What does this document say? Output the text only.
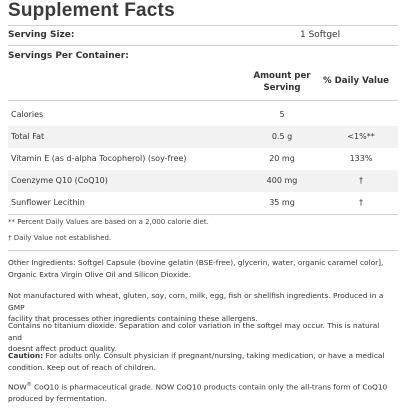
Supplement Facts
Serving Size:	1 Softgel
Servings Per Container:
Amount per
Serving
% Daily Value
Calories	5
Total Fat	0.5 g	<1%**
Vitamin E (as d-alpha Tocopherol) (soy-free)	20 mg	133%
Coenzyme Q10 (CoQ10)	400 mg	†
Sunflower Lecithin	35 mg	†
** Percent Daily Values are based on a 2,000 calorie diet.
† Daily Value not established.
Other Ingredients: Softgel Capsule (bovine gelatin (BSE-free), glycerin, water, organic caramel color],
Organic Extra Virgin Olive Oil and Silicon Dioxide.
Not manufactured with wheat, gluten, soy, corn, milk, egg, fish or shellfish ingredients. Produced in a GMP
facility that processes other ingredients containing these allergens.
Contains no titanium dioxide. Separation and color variation in the softgel may occur. This is natural and
doesnt affect product quality.
Caution: For adults only. Consult physician if pregnant/nursing, taking medication, or have a medical
condition. Keep out of reach of children.
NOW® CoQ10 is pharmaceutical grade. NOW CoQ10 products contain only the all-trans form of CoQ10
produced by fermentation.
